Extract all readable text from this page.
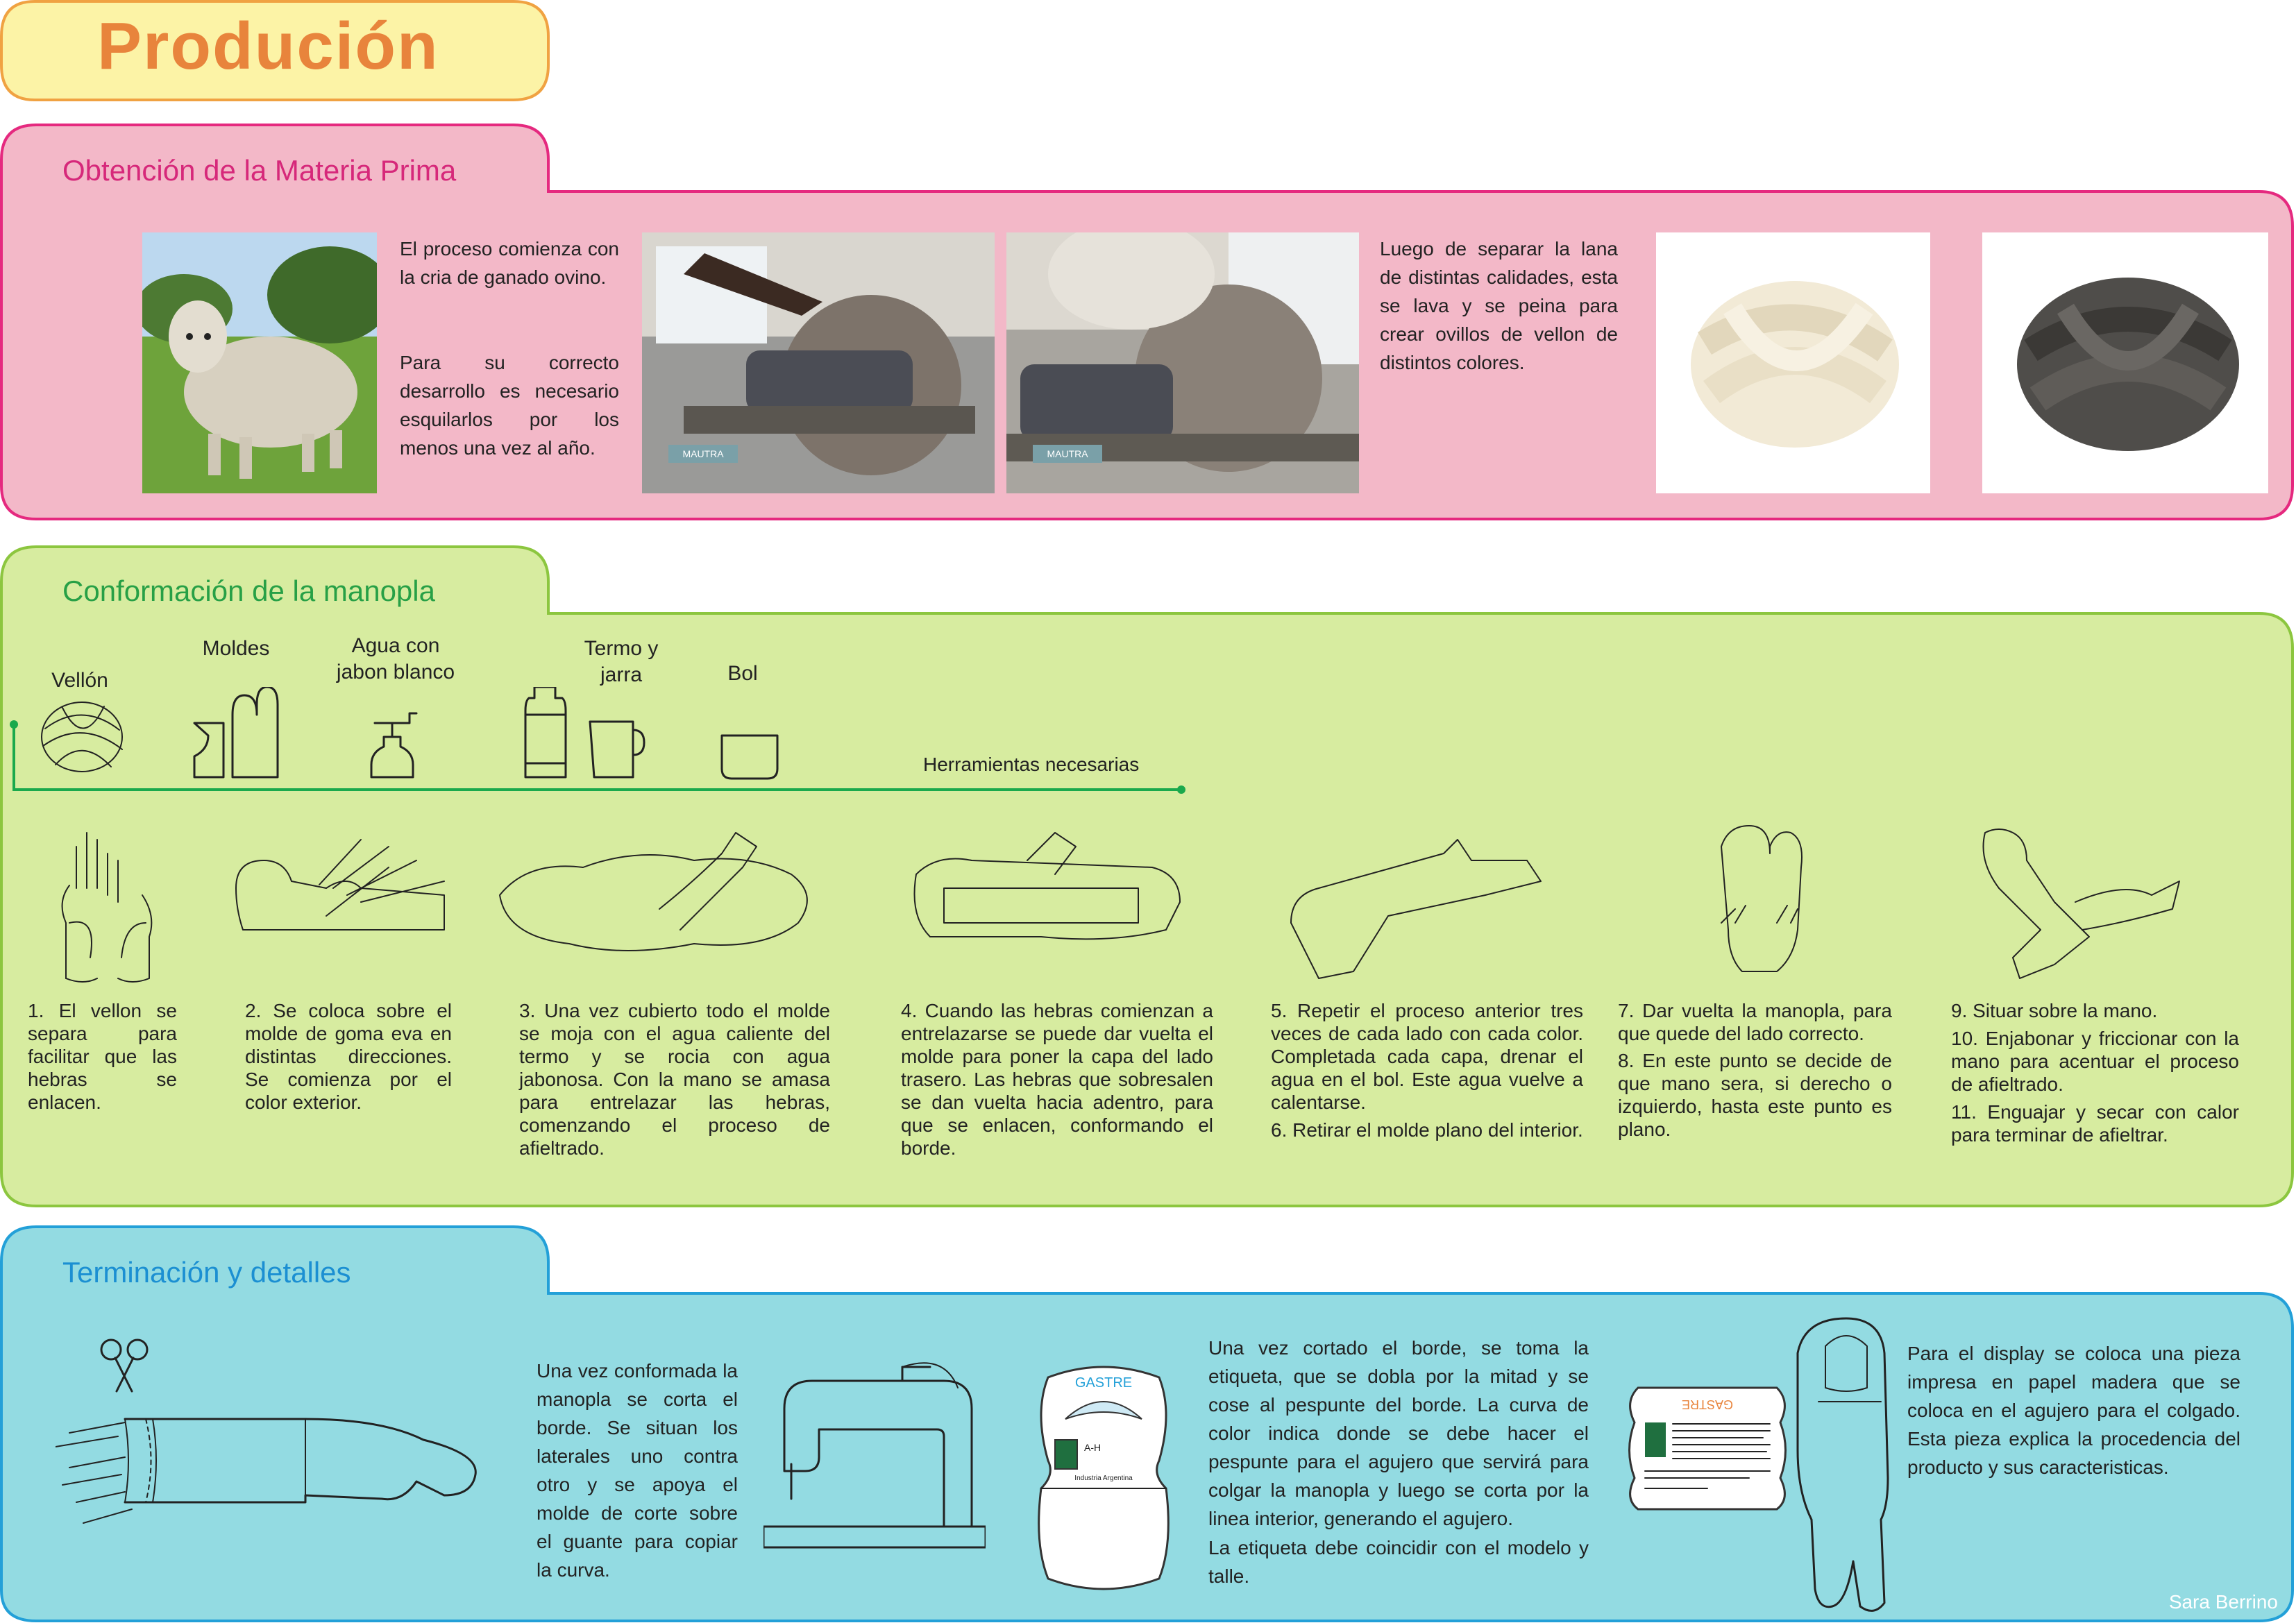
Produción
Obtención de la Materia Prima
El proceso comienza con la cria de ganado ovino.
Para su correcto desarrollo es necesario esquilarlos por los menos una vez al año.	MAUTRA	MAUTRA
Luego de separar la lana de distintas calidades, esta se lava y se peina para crear ovillos de vellon de distintos colores.
Conformación de la manopla
Vellón
Moldes	Agua con jabon blanco
Termo y jarra	Bol
Herramientas necesarias
1. El vellon se separa para facilitar que las hebras se enlacen.
2. Se coloca sobre el molde de goma eva en distintas direcciones. Se comienza por el color exterior.
3. Una vez cubierto todo el molde se moja con el agua caliente del termo y se rocia con agua jabonosa. Con la mano se amasa para entrelazar las hebras, comenzando el proceso de afieltrado.
4. Cuando las hebras comienzan a entrelazarse se puede dar vuelta el molde para poner la capa del lado trasero. Las hebras que sobresalen se dan vuelta hacia adentro, para que se enlacen, conformando el borde.
5. Repetir el proceso anterior tres veces de cada lado con cada color. Completada cada capa, drenar el agua en el bol. Este agua vuelve a calentarse.
6. Retirar el molde plano del interior.
7. Dar vuelta la manopla, para que quede del lado correcto.
8. En este punto se decide de que mano sera, si derecho o izquierdo, hasta este punto es plano.
9. Situar sobre la mano.
10. Enjabonar y friccionar con la mano para acentuar el proceso de afieltrado.
11. Enguajar y secar con calor para terminar de afieltrar.
Terminación y detalles
Una vez conformada la manopla se corta el borde. Se situan los laterales uno contra otro y se apoya el molde de corte sobre el guante para copiar la curva.
GASTRE
A-H
Industria Argentina
Una vez cortado el borde, se toma la etiqueta, que se dobla por la mitad y se cose al pespunte del borde. La curva de color indica donde se debe hacer el pespunte para el agujero que servirá para colgar la manopla y luego se corta por la linea interior, generando el agujero.
La etiqueta debe coincidir con el modelo y talle.
GASTRE
Para el display se coloca una pieza impresa en papel madera que se coloca en el agujero para el colgado. Esta pieza explica la procedencia del producto y sus caracteristicas.
Sara Berrino
